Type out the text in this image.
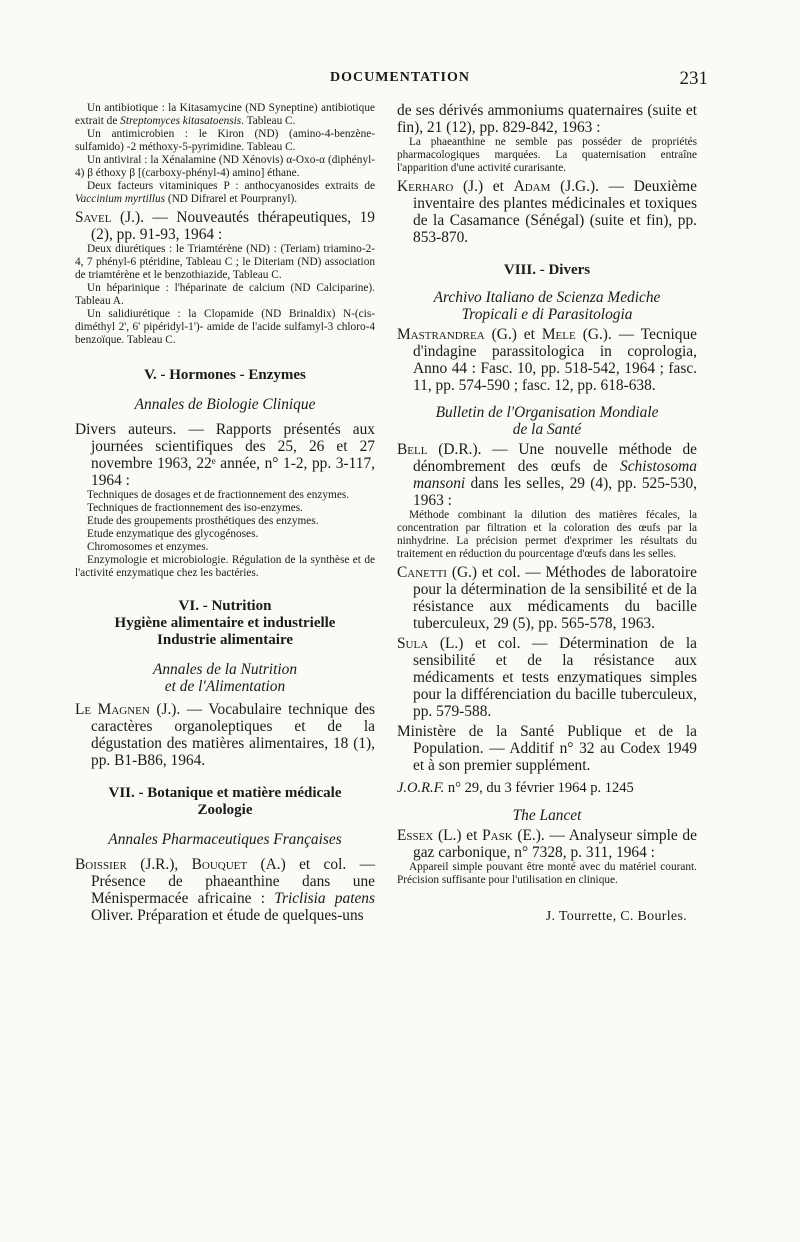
DOCUMENTATION	231

Un antibiotique : la Kitasamycine (ND Syneptine) antibiotique extrait de Streptomyces kitasatoensis. Tableau C.

Un antimicrobien : le Kiron (ND) (amino-4-benzène-sulfamido) -2 méthoxy-5-pyrimidine. Tableau C.

Un antiviral : la Xénalamine (ND Xénovis) α-Oxo-α (diphényl-4) β éthoxy β [(carboxy-phényl-4) amino] éthane.

Deux facteurs vitaminiques P : anthocyanosides extraits de Vaccinium myrtillus (ND Difrarel et Pourpranyl).

Savel (J.). — Nouveautés thérapeutiques, 19 (2), pp. 91-93, 1964 :

Deux diurétiques : le Triamtérène (ND) : (Teriam) triamino-2-4, 7 phényl-6 ptéridine, Tableau C ; le Diteriam (ND) association de triamtérène et le benzothiazide, Tableau C.

Un héparinique : l'héparinate de calcium (ND Calciparine). Tableau A.

Un salidiurétique : la Clopamide (ND Brinaldix) N-(cis-diméthyl 2', 6' pipéridyl-1')- amide de l'acide sulfamyl-3 chloro-4 benzoïque. Tableau C.

V. - Hormones - Enzymes

Annales de Biologie Clinique

Divers auteurs. — Rapports présentés aux journées scientifiques des 25, 26 et 27 novembre 1963, 22ᵉ année, n° 1-2, pp. 3-117, 1964 :

Techniques de dosages et de fractionnement des enzymes.

Techniques de fractionnement des iso-enzymes.

Etude des groupements prosthétiques des enzymes.

Etude enzymatique des glycogénoses.

Chromosomes et enzymes.

Enzymologie et microbiologie. Régulation de la synthèse et de l'activité enzymatique chez les bactéries.

VI. - Nutrition

Hygiène alimentaire et industrielle

Industrie alimentaire

Annales de la Nutrition

et de l'Alimentation

Le Magnen (J.). — Vocabulaire technique des caractères organoleptiques et de la dégustation des matières alimentaires, 18 (1), pp. B1-B86, 1964.

VII. - Botanique et matière médicale

Zoologie

Annales Pharmaceutiques Françaises

Boissier (J.R.), Bouquet (A.) et col. — Présence de phaeanthine dans une Ménispermacée africaine : Triclisia patens Oliver. Préparation et étude de quelques-uns

de ses dérivés ammoniums quaternaires (suite et fin), 21 (12), pp. 829-842, 1963 :

La phaeanthine ne semble pas posséder de propriétés pharmacologiques marquées. La quaternisation entraîne l'apparition d'une activité curarisante.

Kerharo (J.) et Adam (J.G.). — Deuxième inventaire des plantes médicinales et toxiques de la Casamance (Sénégal) (suite et fin), pp. 853-870.

VIII. - Divers

Archivo Italiano de Scienza Mediche

Tropicali e di Parasitologia

Mastrandrea (G.) et Mele (G.). — Tecnique d'indagine parassitologica in coprologia, Anno 44 : Fasc. 10, pp. 518-542, 1964 ; fasc. 11, pp. 574-590 ; fasc. 12, pp. 618-638.

Bulletin de l'Organisation Mondiale

de la Santé

Bell (D.R.). — Une nouvelle méthode de dénombrement des œufs de Schistosoma mansoni dans les selles, 29 (4), pp. 525-530, 1963 :

Méthode combinant la dilution des matières fécales, la concentration par filtration et la coloration des œufs par la ninhydrine. La précision permet d'exprimer les résultats du traitement en réduction du pourcentage d'œufs dans les selles.

Canetti (G.) et col. — Méthodes de laboratoire pour la détermination de la sensibilité et de la résistance aux médicaments du bacille tuberculeux, 29 (5), pp. 565-578, 1963.

Sula (L.) et col. — Détermination de la sensibilité et de la résistance aux médicaments et tests enzymatiques simples pour la différenciation du bacille tuberculeux, pp. 579-588.

Ministère de la Santé Publique et de la Population. — Additif n° 32 au Codex 1949 et à son premier supplément.

J.O.R.F. n° 29, du 3 février 1964 p. 1245

The Lancet

Essex (L.) et Pask (E.). — Analyseur simple de gaz carbonique, n° 7328, p. 311, 1964 :

Appareil simple pouvant être monté avec du matériel courant. Précision suffisante pour l'utilisation en clinique.

J. Tourrette, C. Bourles.
